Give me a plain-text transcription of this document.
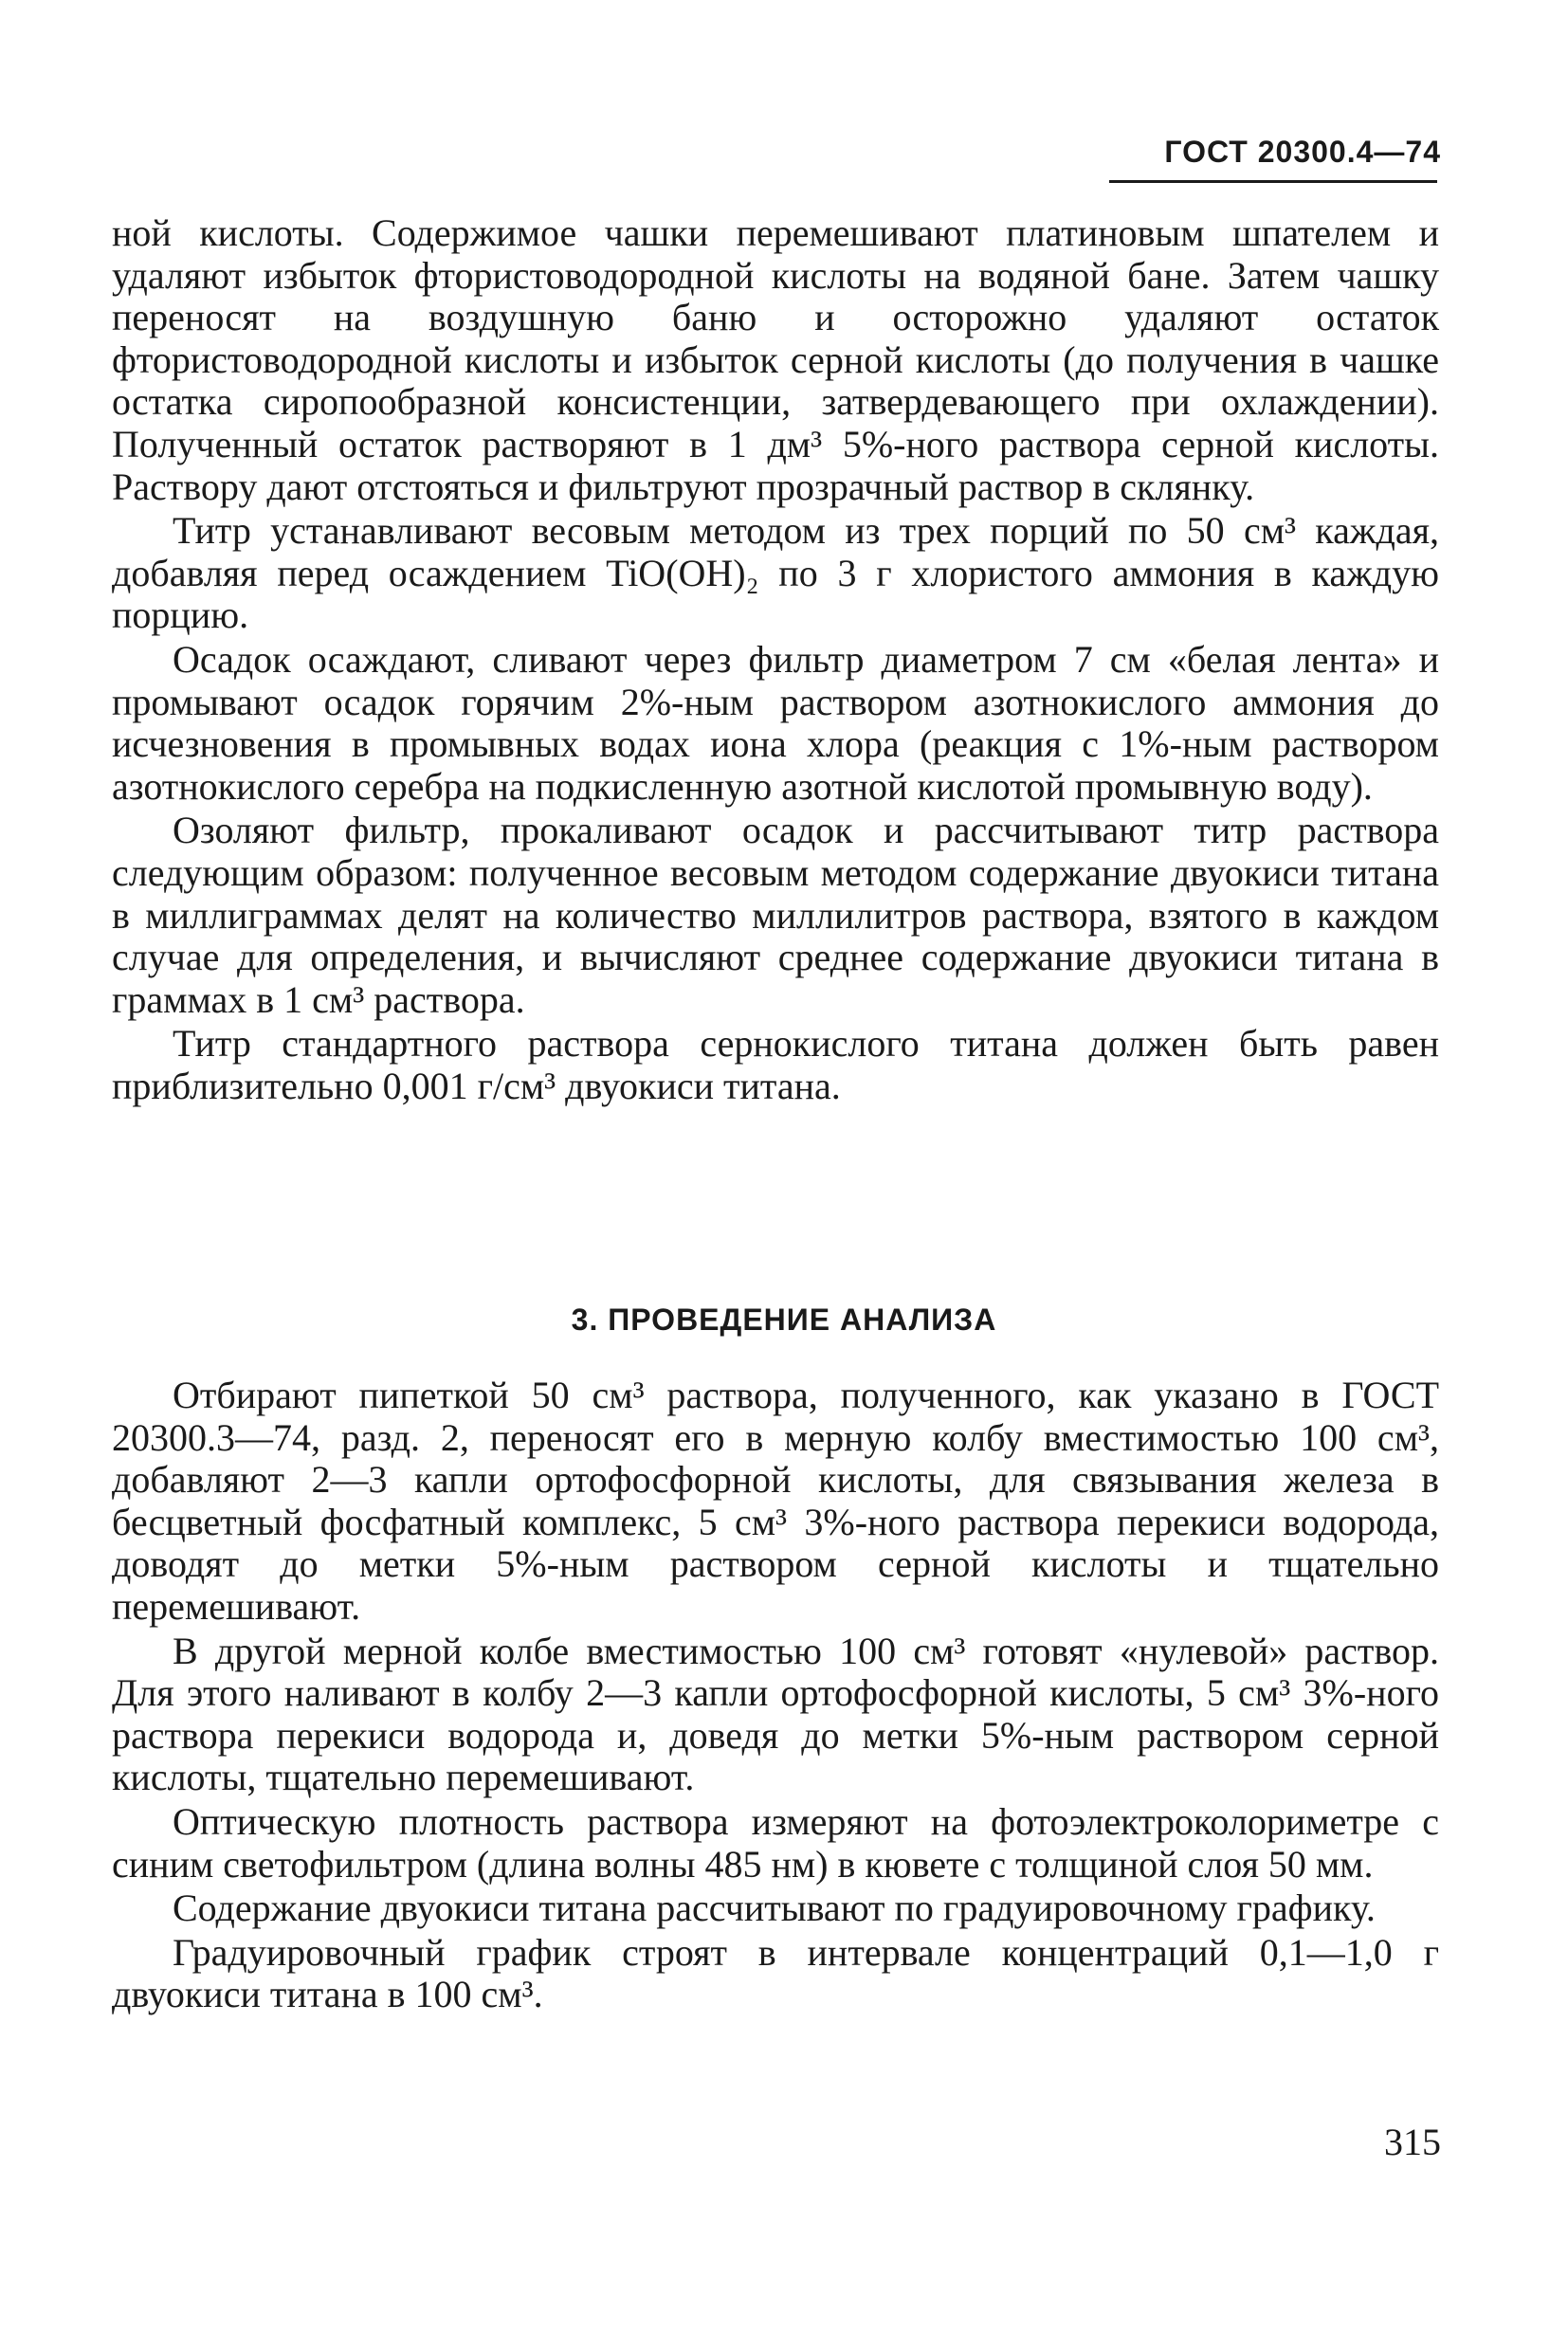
ГОСТ 20300.4—74

ной кислоты. Содержимое чашки перемешивают платиновым шпателем и удаляют избыток фтористоводородной кислоты на водяной бане. Затем чашку переносят на воздушную баню и осторожно удаляют остаток фтористоводородной кислоты и избыток серной кислоты (до получения в чашке остатка сиропообразной консистенции, затвердевающего при охлаждении). Полученный остаток растворяют в 1 дм³ 5%-ного раствора серной кислоты. Раствору дают отстояться и фильтруют прозрачный раствор в склянку.

Титр устанавливают весовым методом из трех порций по 50 см³ каждая, добавляя перед осаждением TiO(OH)₂ по 3 г хлористого аммония в каждую порцию.

Осадок осаждают, сливают через фильтр диаметром 7 см «белая лента» и промывают осадок горячим 2%-ным раствором азотнокислого аммония до исчезновения в промывных водах иона хлора (реакция с 1%-ным раствором азотнокислого серебра на подкисленную азотной кислотой промывную воду).

Озоляют фильтр, прокаливают осадок и рассчитывают титр раствора следующим образом: полученное весовым методом содержание двуокиси титана в миллиграммах делят на количество миллилитров раствора, взятого в каждом случае для определения, и вычисляют среднее содержание двуокиси титана в граммах в 1 см³ раствора.

Титр стандартного раствора сернокислого титана должен быть равен приблизительно 0,001 г/см³ двуокиси титана.

3. ПРОВЕДЕНИЕ АНАЛИЗА

Отбирают пипеткой 50 см³ раствора, полученного, как указано в ГОСТ 20300.3—74, разд. 2, переносят его в мерную колбу вместимостью 100 см³, добавляют 2—3 капли ортофосфорной кислоты, для связывания железа в бесцветный фосфатный комплекс, 5 см³ 3%-ного раствора перекиси водорода, доводят до метки 5%-ным раствором серной кислоты и тщательно перемешивают.

В другой мерной колбе вместимостью 100 см³ готовят «нулевой» раствор. Для этого наливают в колбу 2—3 капли ортофосфорной кислоты, 5 см³ 3%-ного раствора перекиси водорода и, доведя до метки 5%-ным раствором серной кислоты, тщательно перемешивают.

Оптическую плотность раствора измеряют на фотоэлектроколориметре с синим светофильтром (длина волны 485 нм) в кювете с толщиной слоя 50 мм.

Содержание двуокиси титана рассчитывают по градуировочному графику.

Градуировочный график строят в интервале концентраций 0,1—1,0 г двуокиси титана в 100 см³.

315
